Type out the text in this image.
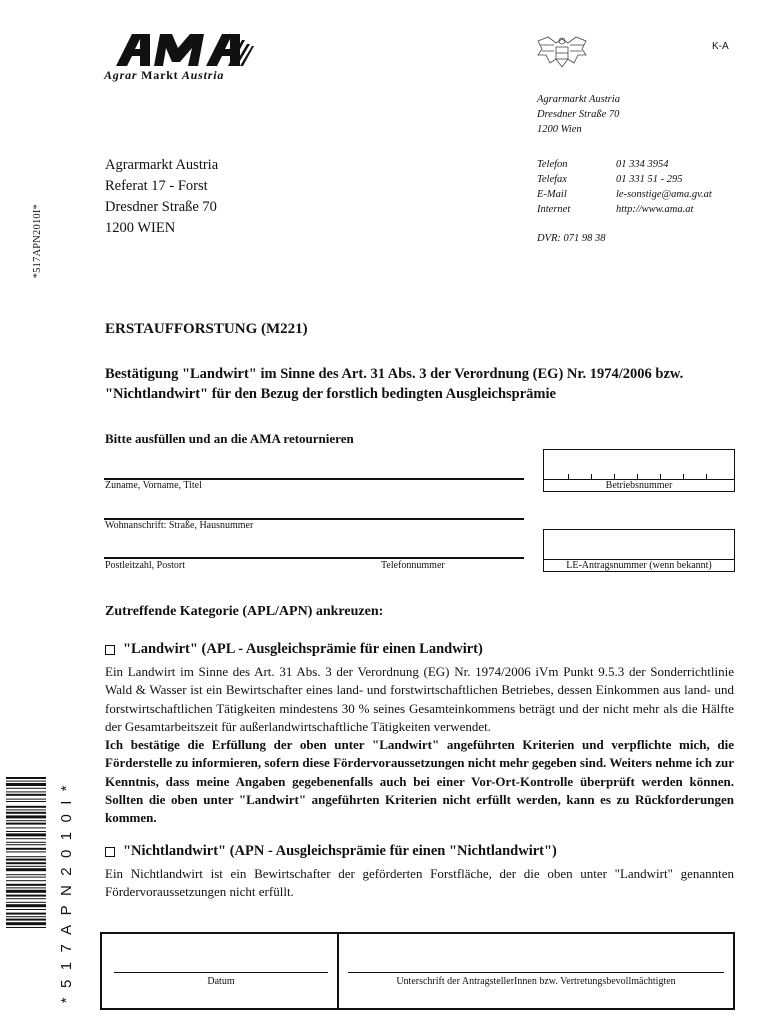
Agrar Markt Austria
K-A
Agrarmarkt Austria
Dresdner Straße 70
1200 Wien
Telefon	01 334 3954
Telefax	01 331 51 - 295
E-Mail	le-sonstige@ama.gv.at
Internet	http://www.ama.at
DVR: 071 98 38
Agrarmarkt Austria
Referat 17 - Forst
Dresdner Straße 70
1200 WIEN
*517APN2010I*
ERSTAUFFORSTUNG (M221)
Bestätigung "Landwirt" im Sinne des Art. 31 Abs. 3 der Verordnung (EG) Nr. 1974/2006 bzw. "Nichtlandwirt" für den Bezug der forstlich bedingten Ausgleichsprämie
Bitte ausfüllen und an die AMA retournieren
Zuname, Vorname, Titel
Wohnanschrift: Straße, Hausnummer
Postleitzahl, Postort	Telefonnummer
Betriebsnummer
LE-Antragsnummer (wenn bekannt)
Zutreffende Kategorie (APL/APN) ankreuzen:
"Landwirt" (APL - Ausgleichsprämie für einen Landwirt)
Ein Landwirt im Sinne des Art. 31 Abs. 3 der Verordnung (EG) Nr. 1974/2006 iVm Punkt 9.5.3 der Sonderrichtlinie Wald & Wasser ist ein Bewirtschafter eines land- und forstwirtschaftlichen Betriebes, dessen Einkommen aus land- und forstwirtschaftlichen Tätigkeiten mindestens 30 % seines Gesamteinkommens beträgt und der nicht mehr als die Hälfte der Gesamtarbeitszeit für außerlandwirtschaftliche Tätigkeiten verwendet.
Ich bestätige die Erfüllung der oben unter "Landwirt" angeführten Kriterien und verpflichte mich, die Förderstelle zu informieren, sofern diese Fördervoraussetzungen nicht mehr gegeben sind. Weiters nehme ich zur Kenntnis, dass meine Angaben gegebenenfalls auch bei einer Vor-Ort-Kontrolle überprüft werden können. Sollten die oben unter "Landwirt" angeführten Kriterien nicht erfüllt werden, kann es zu Rückforderungen kommen.
"Nichtlandwirt" (APN - Ausgleichsprämie für einen "Nichtlandwirt")
Ein Nichtlandwirt ist ein Bewirtschafter der geförderten Forstfläche, der die oben unter "Landwirt" genannten Fördervoraussetzungen nicht erfüllt.
Datum	Unterschrift der AntragstellerInnen bzw. Vertretungsbevollmächtigten
*517APN2010I*
